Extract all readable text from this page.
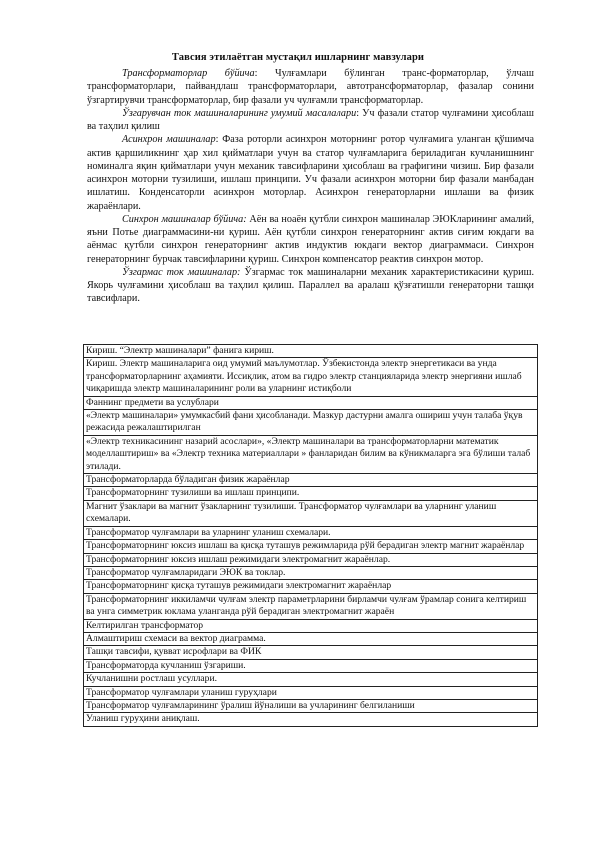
Тавсия этилаётган мустақил ишларнинг мавзулари

Трансформаторлар бўйича: Чулғамлари бўлинган транс-форматорлар, ўлчаш трансформаторлари, пайвандлаш трансформаторлари, автотрансформаторлар, фазалар сонини ўзгартирувчи трансформаторлар, бир фазали уч чулғамли трансформаторлар.

Ўзгарувчан ток машиналарининг умумий масалалари: Уч фазали статор чулғамини ҳисоблаш ва таҳлил қилиш

Асинхрон машиналар: Фаза роторли асинхрон моторнинг ротор чулғамига уланган қўшимча актив қаршиликнинг ҳар хил қийматлари учун ва статор чулғамларига бериладиган кучланишнинг номиналга яқин қийматлари учун механик тавсифларини ҳисоблаш ва графигини чизиш. Бир фазали асинхрон моторни тузилиши, ишлаш принципи. Уч фазали асинхрон моторни бир фазали манбадан ишлатиш. Конденсаторли асинхрон моторлар. Асинхрон генераторларни ишлаши ва физик жараёнлари.

Синхрон машиналар бўйича: Аён ва ноаён қутбли синхрон машиналар ЭЮКларининг амалий, яъни Потье диаграммасини-ни қуриш. Аён қутбли синхрон генераторнинг актив сиғим юкдаги ва аёнмас қутбли синхрон генераторнинг актив индуктив юкдаги вектор диаграммаси. Синхрон генераторнинг бурчак тавсифларини қуриш. Синхрон компенсатор реактив синхрон мотор.

Ўзгармас ток машиналар: Ўзгармас ток машиналарни механик характеристикасини қуриш. Якорь чулғамини ҳисоблаш ва таҳлил қилиш. Параллел ва аралаш қўзғатишли генераторни ташқи тавсифлари.

Кириш. “Электр машиналари” фанига кириш.
Кириш. Электр машиналарига оид умумий маълумотлар. Ўзбекистонда электр энергетикаси ва унда трансформаторларнинг аҳамияти. Иссиқлик, атом ва гидро электр станцияларида электр энергияни ишлаб чиқаришда электр машиналарининг роли ва уларнинг истиқболи
Фаннинг предмети ва услублари
«Электр машиналари» умумкасбий фани ҳисобланади. Мазкур дастурни амалга ошириш учун талаба ўқув режасида режалаштирилган
«Электр техникасининг назарий асослари», «Электр машиналари ва трансформаторларни математик моделлаштириш» ва «Электр техника материаллари » фанларидан билим ва кўникмаларга эга бўлиши талаб этилади.
Трансформаторларда бўладиган физик жараёнлар
Трансформаторнинг тузилиши ва ишлаш принципи.
Магнит ўзаклари ва магнит ўзакларнинг тузилиши. Трансформатор чулғамлари ва уларнинг уланиш схемалари.
Трансформатор чулғамлари ва уларнинг уланиш схемалари.
Трансформаторнинг юксиз ишлаш ва қисқа туташув режимларида рўй берадиган электр магнит жараёнлар
Трансформаторнинг юксиз ишлаш режимидаги электромагнит жараёнлар.
Трансформатор чулғамларидаги ЭЮК ва токлар.
Трансформаторнинг қисқа туташув режимидаги электромагнит жараёнлар
Трансформаторнинг иккиламчи чулғам электр параметрларини бирламчи чулғам ўрамлар сонига келтириш ва унга симметрик юклама уланганда рўй берадиган электромагнит жараён
Келтирилган трансформатор
Алмаштириш схемаси ва вектор диаграмма.
Ташқи тавсифи, қувват исрофлари ва ФИК
Трансформаторда кучланиш ўзгариши.
Кучланишни ростлаш усуллари.
Трансформатор чулғамлари уланиш гуруҳлари
Трансформатор чулғамларининг ўралиш йўналиши ва учларининг белгиланиши
Уланиш гуруҳини аниқлаш.
